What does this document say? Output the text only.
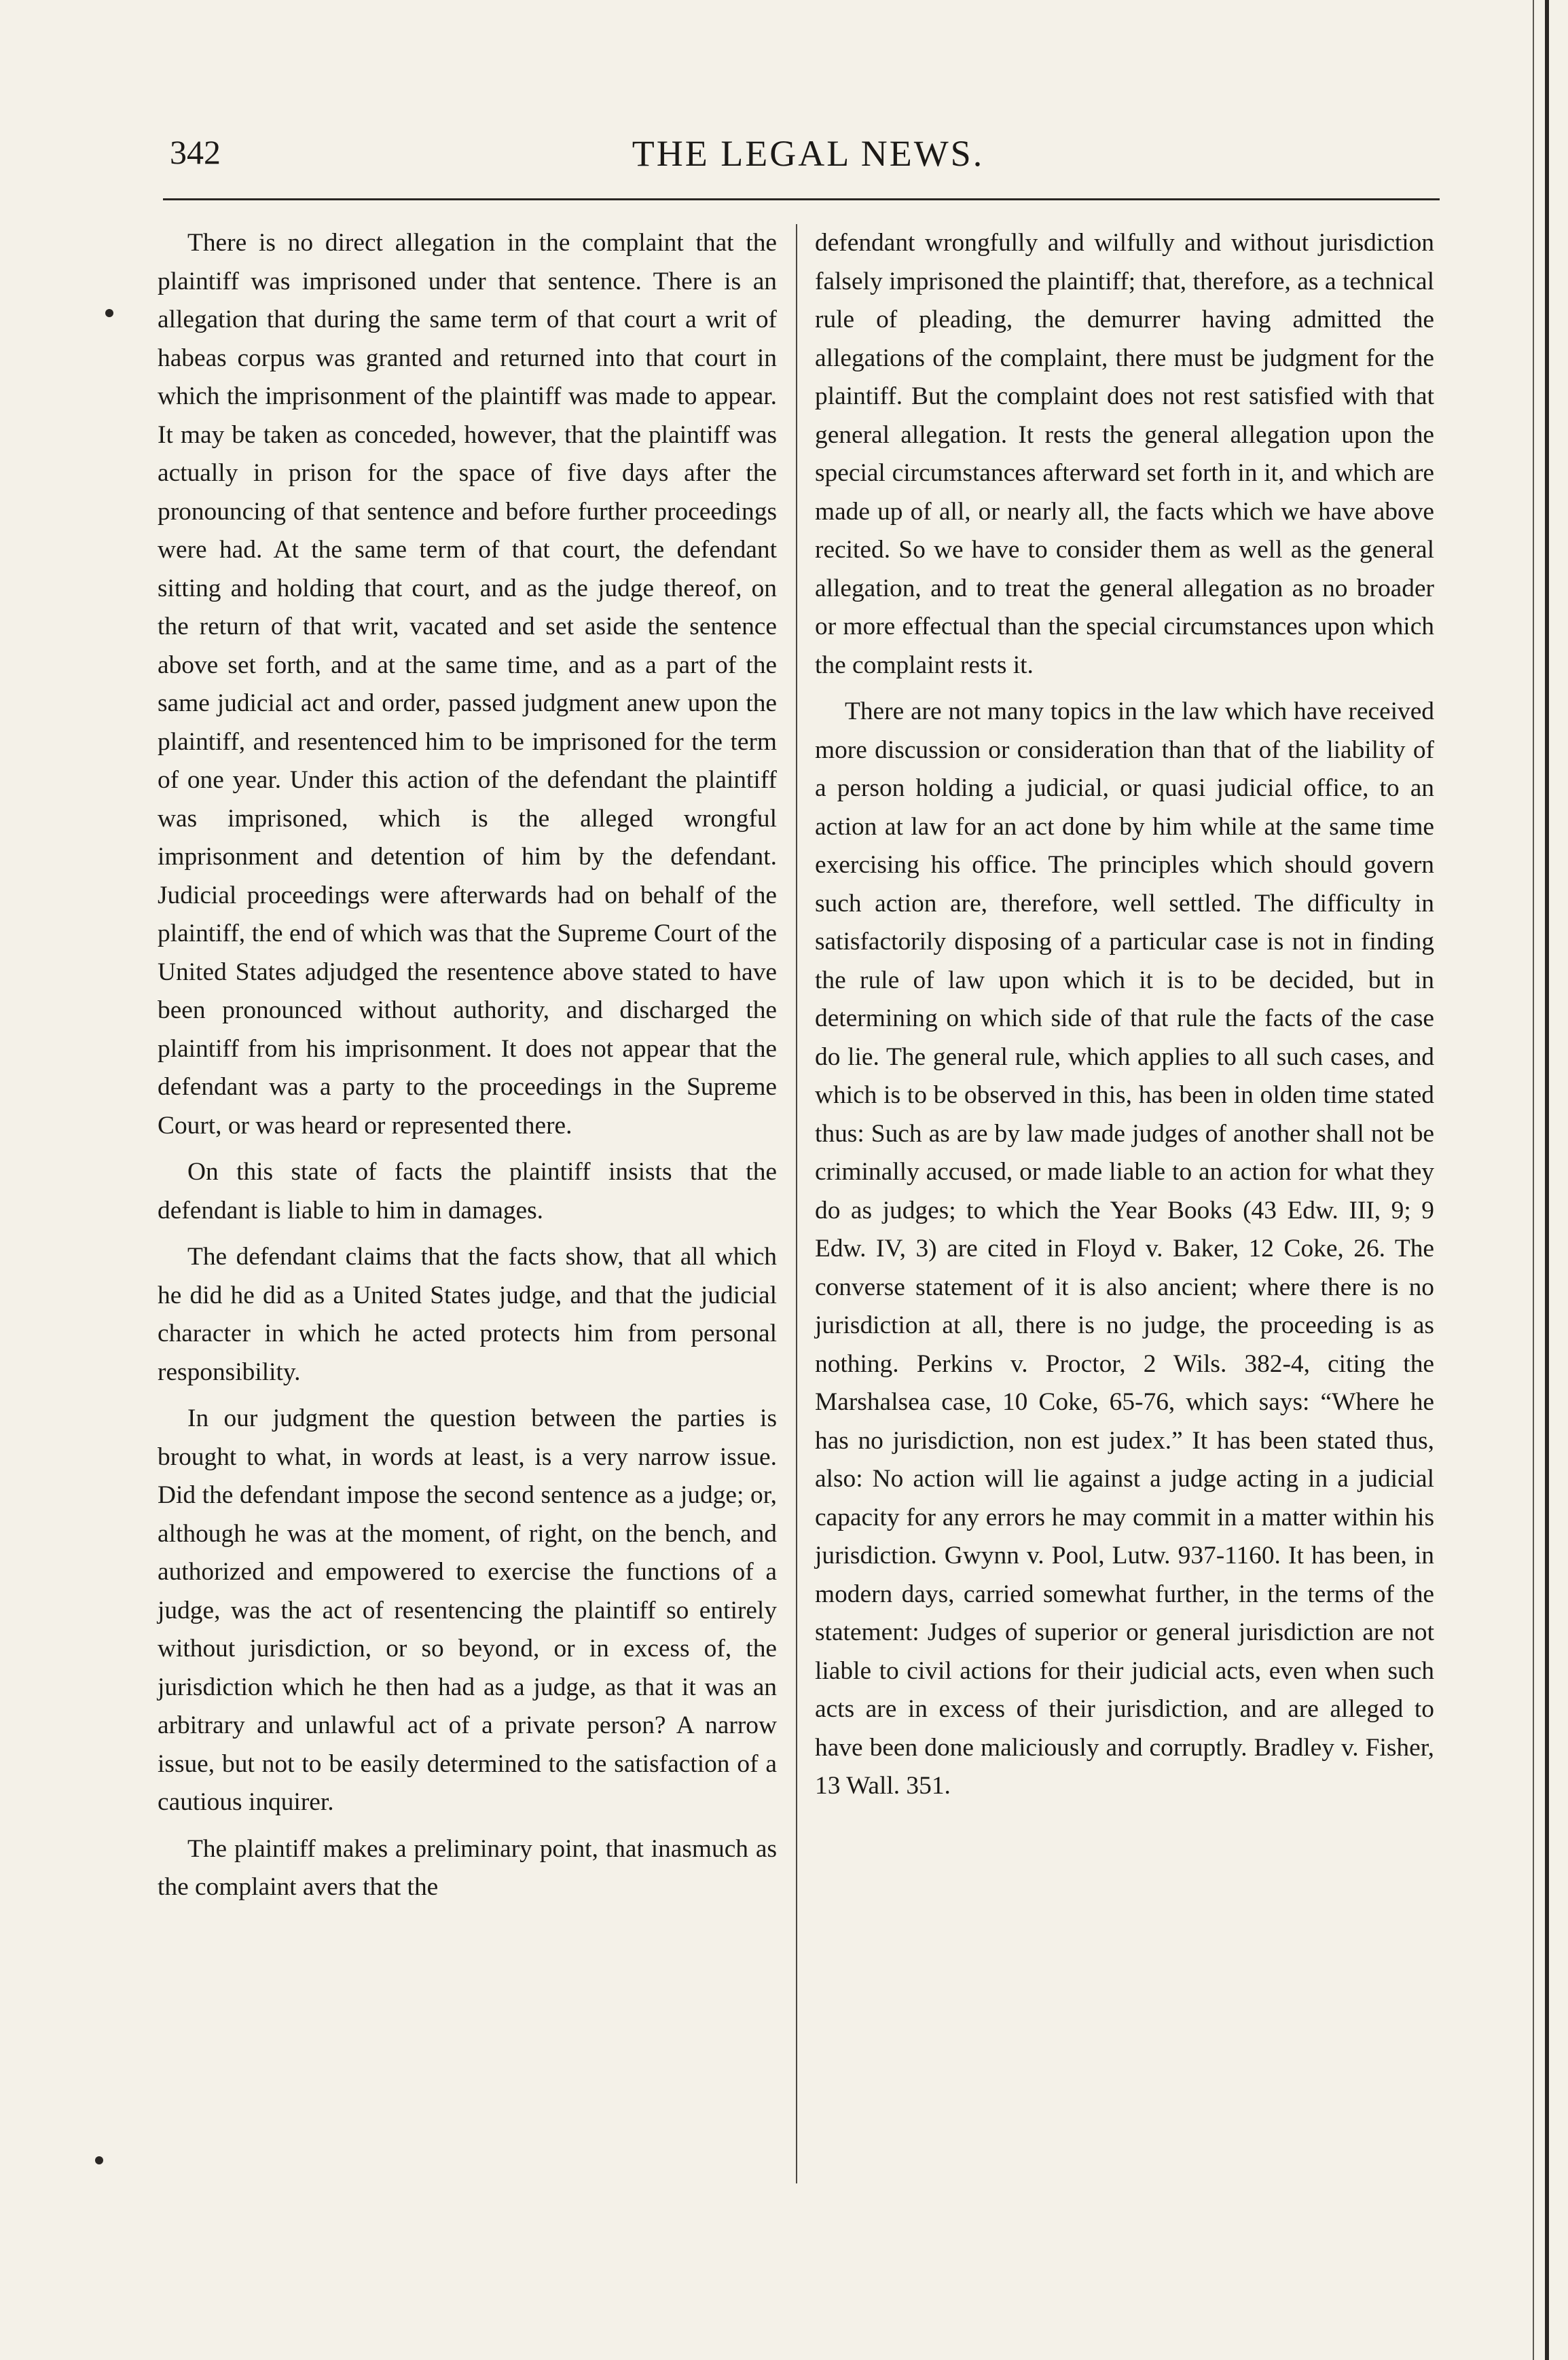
342	THE LEGAL NEWS.

There is no direct allegation in the complaint that the plaintiff was imprisoned under that sentence. There is an allegation that during the same term of that court a writ of habeas corpus was granted and returned into that court in which the imprisonment of the plaintiff was made to appear. It may be taken as conceded, however, that the plaintiff was actually in prison for the space of five days after the pronouncing of that sentence and before further proceedings were had. At the same term of that court, the defendant sitting and holding that court, and as the judge thereof, on the return of that writ, vacated and set aside the sentence above set forth, and at the same time, and as a part of the same judicial act and order, passed judgment anew upon the plaintiff, and resentenced him to be imprisoned for the term of one year. Under this action of the defendant the plaintiff was imprisoned, which is the alleged wrongful imprisonment and detention of him by the defendant. Judicial proceedings were afterwards had on behalf of the plaintiff, the end of which was that the Supreme Court of the United States adjudged the resentence above stated to have been pronounced without authority, and discharged the plaintiff from his imprisonment. It does not appear that the defendant was a party to the proceedings in the Supreme Court, or was heard or represented there.

On this state of facts the plaintiff insists that the defendant is liable to him in damages.

The defendant claims that the facts show, that all which he did he did as a United States judge, and that the judicial character in which he acted protects him from personal responsibility.

In our judgment the question between the parties is brought to what, in words at least, is a very narrow issue. Did the defendant impose the second sentence as a judge; or, although he was at the moment, of right, on the bench, and authorized and empowered to exercise the functions of a judge, was the act of resentencing the plaintiff so entirely without jurisdiction, or so beyond, or in excess of, the jurisdiction which he then had as a judge, as that it was an arbitrary and unlawful act of a private person? A narrow issue, but not to be easily determined to the satisfaction of a cautious inquirer.

The plaintiff makes a preliminary point, that inasmuch as the complaint avers that the

defendant wrongfully and wilfully and without jurisdiction falsely imprisoned the plaintiff; that, therefore, as a technical rule of pleading, the demurrer having admitted the allegations of the complaint, there must be judgment for the plaintiff. But the complaint does not rest satisfied with that general allegation. It rests the general allegation upon the special circumstances afterward set forth in it, and which are made up of all, or nearly all, the facts which we have above recited. So we have to consider them as well as the general allegation, and to treat the general allegation as no broader or more effectual than the special circumstances upon which the complaint rests it.

There are not many topics in the law which have received more discussion or consideration than that of the liability of a person holding a judicial, or quasi judicial office, to an action at law for an act done by him while at the same time exercising his office. The principles which should govern such action are, therefore, well settled. The difficulty in satisfactorily disposing of a particular case is not in finding the rule of law upon which it is to be decided, but in determining on which side of that rule the facts of the case do lie. The general rule, which applies to all such cases, and which is to be observed in this, has been in olden time stated thus: Such as are by law made judges of another shall not be criminally accused, or made liable to an action for what they do as judges; to which the Year Books (43 Edw. III, 9; 9 Edw. IV, 3) are cited in Floyd v. Baker, 12 Coke, 26. The converse statement of it is also ancient; where there is no jurisdiction at all, there is no judge, the proceeding is as nothing. Perkins v. Proctor, 2 Wils. 382-4, citing the Marshalsea case, 10 Coke, 65-76, which says: “Where he has no jurisdiction, non est judex.” It has been stated thus, also: No action will lie against a judge acting in a judicial capacity for any errors he may commit in a matter within his jurisdiction. Gwynn v. Pool, Lutw. 937-1160. It has been, in modern days, carried somewhat further, in the terms of the statement: Judges of superior or general jurisdiction are not liable to civil actions for their judicial acts, even when such acts are in excess of their jurisdiction, and are alleged to have been done maliciously and corruptly. Bradley v. Fisher, 13 Wall. 351.
